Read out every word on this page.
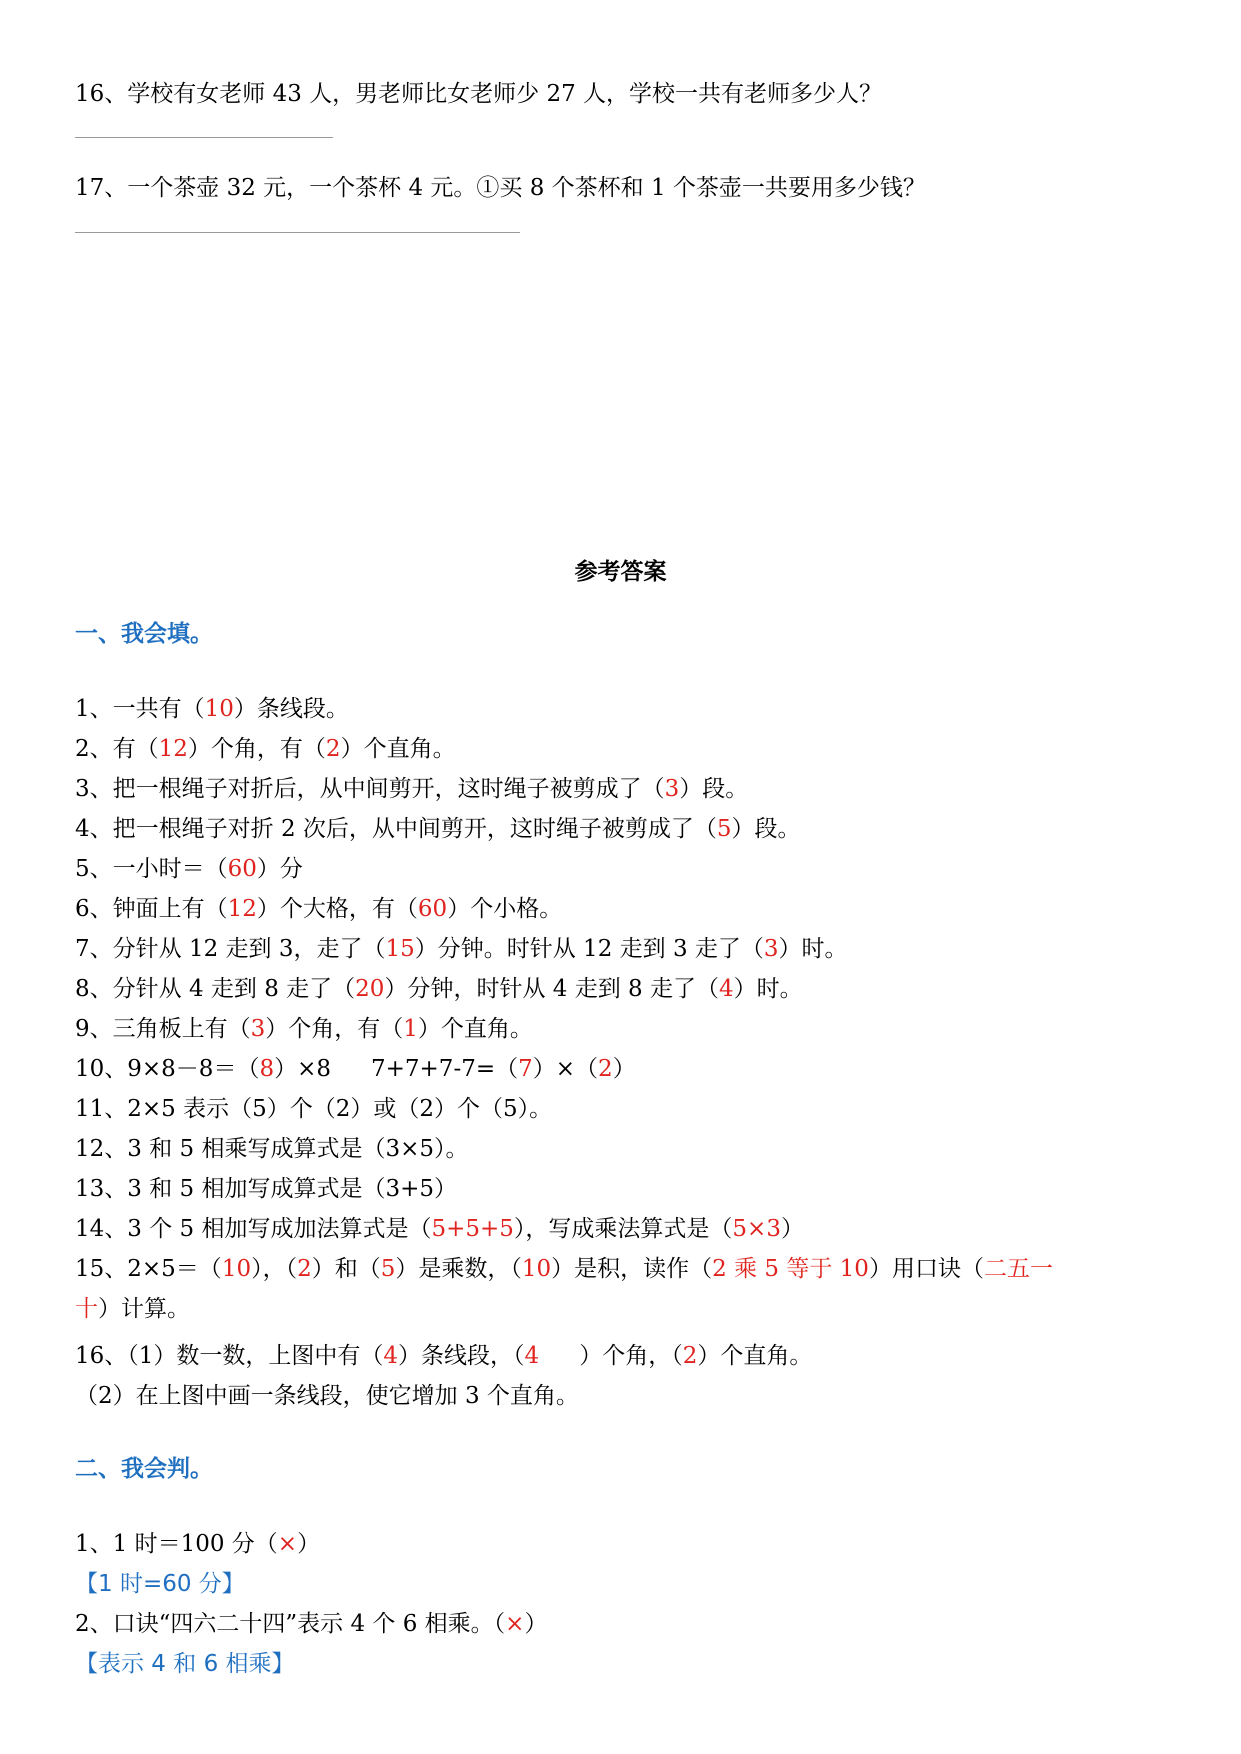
16、学校有女老师 43 人，男老师比女老师少 27 人，学校一共有老师多少人？
17、一个茶壶 32 元，一个茶杯 4 元。①买 8 个茶杯和 1 个茶壶一共要用多少钱？
参考答案
一、我会填。
1、一共有（10）条线段。
2、有（12）个角，有（2）个直角。
3、把一根绳子对折后，从中间剪开，这时绳子被剪成了（3）段。
4、把一根绳子对折 2 次后，从中间剪开，这时绳子被剪成了（5）段。
5、一小时＝（60）分
6、钟面上有（12）个大格，有（60）个小格。
7、分针从 12 走到 3，走了（15）分钟。时针从 12 走到 3 走了（3）时。
8、分针从 4 走到 8 走了（20）分钟，时针从 4 走到 8 走了（4）时。
9、三角板上有（3）个角，有（1）个直角。
10、9×8－8＝（8）×8 7+7+7-7=（7）×（2）
11、2×5 表示（5）个（2）或（2）个（5）。
12、3 和 5 相乘写成算式是（3×5）。
13、3 和 5 相加写成算式是（3+5）
14、3 个 5 相加写成加法算式是（5+5+5），写成乘法算式是（5×3）
15、2×5＝（10），（2）和（5）是乘数，（10）是积，读作（2 乘 5 等于 10）用口诀（二五一
十）计算。
16、（1）数一数，上图中有（4）条线段，（4 ）个角，（2）个直角。
（2）在上图中画一条线段，使它增加 3 个直角。
二、我会判。
1、1 时＝100 分（×）
【1 时=60 分】
2、口诀“四六二十四”表示 4 个 6 相乘。（×）
【表示 4 和 6 相乘】
